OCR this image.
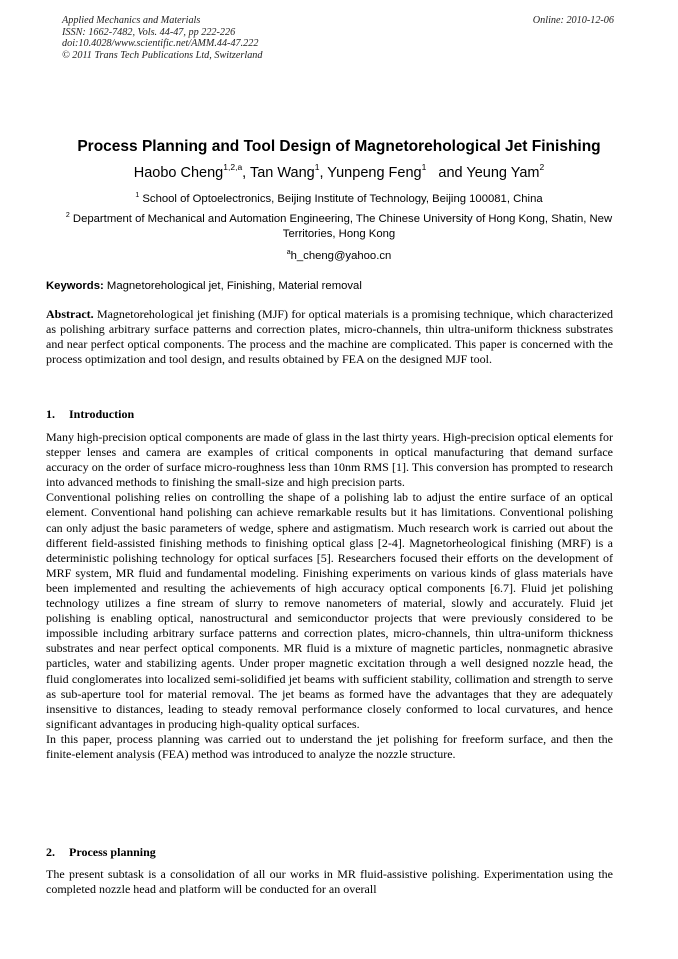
Applied Mechanics and Materials
ISSN: 1662-7482, Vols. 44-47, pp 222-226
doi:10.4028/www.scientific.net/AMM.44-47.222
© 2011 Trans Tech Publications Ltd, Switzerland
Online: 2010-12-06
Process Planning and Tool Design of Magnetorehological Jet Finishing
Haobo Cheng$^{1,2,a}$, Tan Wang$^1$, Yunpeng Feng$^1$   and Yeung Yam$^2$
$^1$ School of Optoelectronics, Beijing Institute of Technology, Beijing 100081, China
$^2$ Department of Mechanical and Automation Engineering, The Chinese University of Hong Kong, Shatin, New Territories, Hong Kong
$^a$h_cheng@yahoo.cn
Keywords: Magnetorehological jet, Finishing, Material removal

Abstract. Magnetorehological jet finishing (MJF) for optical materials is a promising technique, which characterized as polishing arbitrary surface patterns and correction plates, micro-channels, thin ultra-uniform thickness substrates and near perfect optical components. The process and the machine are complicated. This paper is concerned with the process optimization and tool design, and results obtained by FEA on the designed MJF tool.

1. Introduction

Many high-precision optical components are made of glass in the last thirty years. High-precision optical elements for stepper lenses and camera are examples of critical components in optical manufacturing that demand surface accuracy on the order of surface micro-roughness less than 10nm RMS [1]. This conversion has prompted to research into advanced methods to finishing the small-size and high precision parts.

Conventional polishing relies on controlling the shape of a polishing lab to adjust the entire surface of an optical element. Conventional hand polishing can achieve remarkable results but it has limitations. Conventional polishing can only adjust the basic parameters of wedge, sphere and astigmatism. Much research work is carried out about the different field-assisted finishing methods to finishing optical glass [2-4]. Magnetorheological finishing (MRF) is a deterministic polishing technology for optical surfaces [5]. Researchers focused their efforts on the development of MRF system, MR fluid and fundamental modeling. Finishing experiments on various kinds of glass materials have been implemented and resulting the achievements of high accuracy optical components [6.7]. Fluid jet polishing technology utilizes a fine stream of slurry to remove nanometers of material, slowly and accurately. Fluid jet polishing is enabling optical, nanostructural and semiconductor projects that were previously considered to be impossible including arbitrary surface patterns and correction plates, micro-channels, thin ultra-uniform thickness substrates and near perfect optical components. MR fluid is a mixture of magnetic particles, nonmagnetic abrasive particles, water and stabilizing agents. Under proper magnetic excitation through a well designed nozzle head, the fluid conglomerates into localized semi-solidified jet beams with sufficient stability, collimation and strength to serve as sub-aperture tool for material removal. The jet beams as formed have the advantages that they are adequately insensitive to distances, leading to steady removal performance closely conformed to local curvatures, and hence significant advantages in producing high-quality optical surfaces.

In this paper, process planning was carried out to understand the jet polishing for freeform surface, and then the finite-element analysis (FEA) method was introduced to analyze the nozzle structure.

2. Process planning

The present subtask is a consolidation of all our works in MR fluid-assistive polishing. Experimentation using the completed nozzle head and platform will be conducted for an overall
